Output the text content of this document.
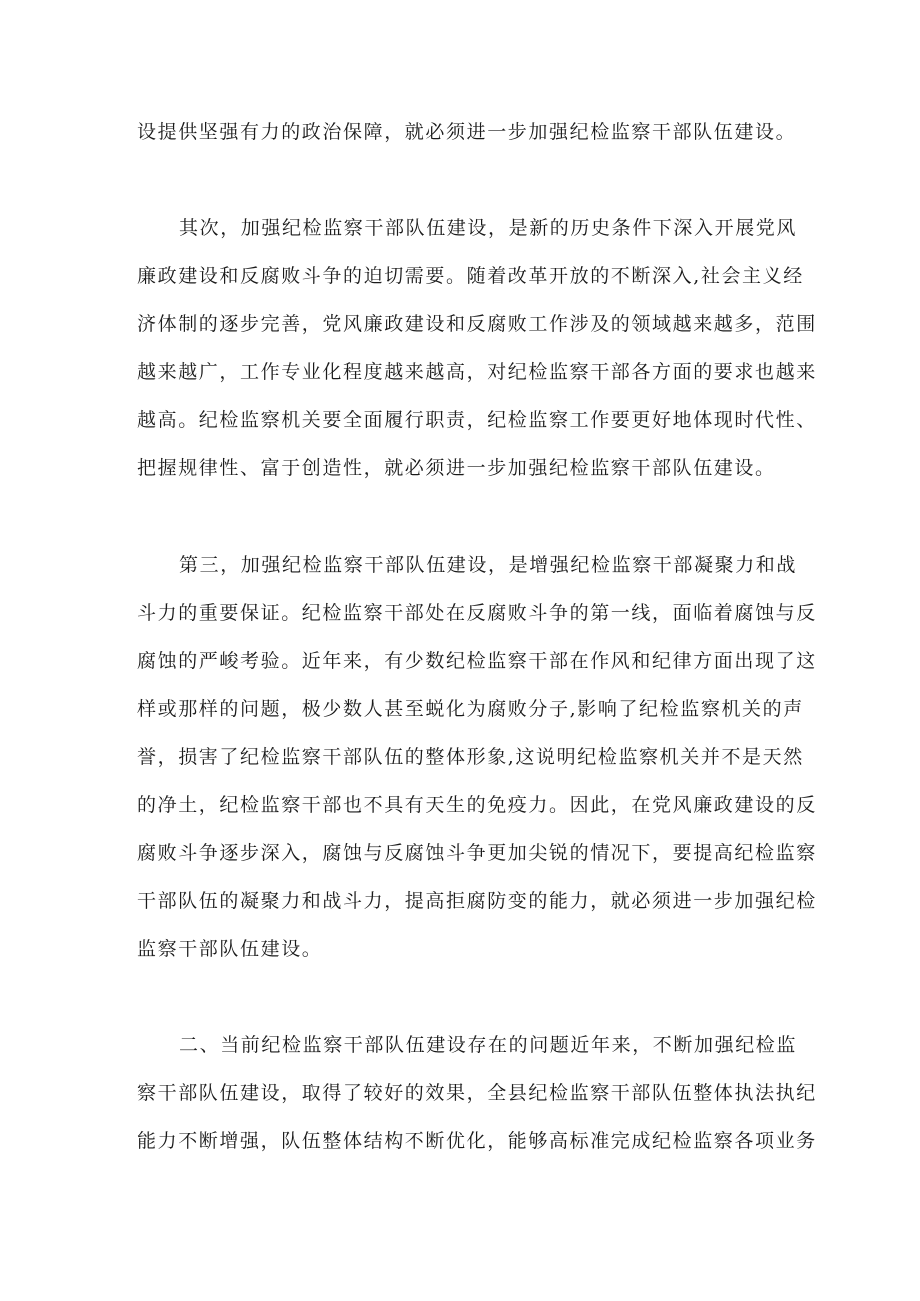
设提供坚强有力的政治保障，就必须进一步加强纪检监察干部队伍建设。
其次，加强纪检监察干部队伍建设，是新的历史条件下深入开展党风
廉政建设和反腐败斗争的迫切需要。随着改革开放的不断深入,社会主义经
济体制的逐步完善，党风廉政建设和反腐败工作涉及的领域越来越多，范围
越来越广，工作专业化程度越来越高，对纪检监察干部各方面的要求也越来
越高。纪检监察机关要全面履行职责，纪检监察工作要更好地体现时代性、
把握规律性、富于创造性，就必须进一步加强纪检监察干部队伍建设。
第三，加强纪检监察干部队伍建设，是增强纪检监察干部凝聚力和战
斗力的重要保证。纪检监察干部处在反腐败斗争的第一线，面临着腐蚀与反
腐蚀的严峻考验。近年来，有少数纪检监察干部在作风和纪律方面出现了这
样或那样的问题，极少数人甚至蜕化为腐败分子,影响了纪检监察机关的声
誉，损害了纪检监察干部队伍的整体形象,这说明纪检监察机关并不是天然
的净土，纪检监察干部也不具有天生的免疫力。因此，在党风廉政建设的反
腐败斗争逐步深入，腐蚀与反腐蚀斗争更加尖锐的情况下，要提高纪检监察
干部队伍的凝聚力和战斗力，提高拒腐防变的能力，就必须进一步加强纪检
监察干部队伍建设。
二、当前纪检监察干部队伍建设存在的问题近年来，不断加强纪检监
察干部队伍建设，取得了较好的效果，全县纪检监察干部队伍整体执法执纪
能力不断增强，队伍整体结构不断优化，能够高标准完成纪检监察各项业务
